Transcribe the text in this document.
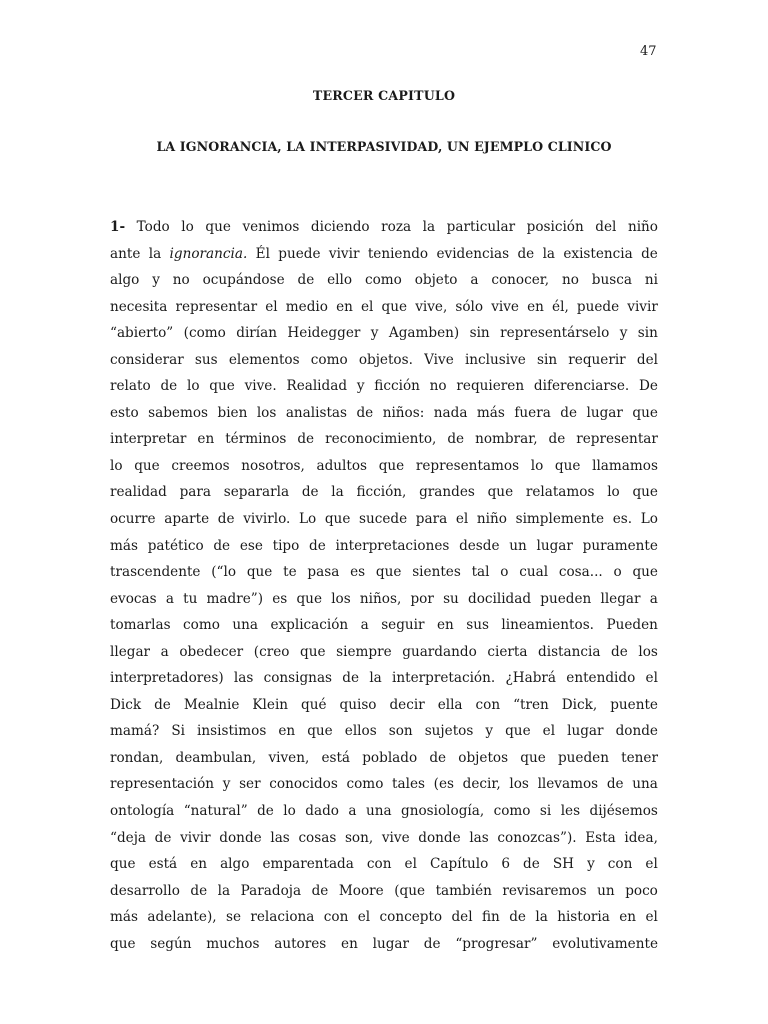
47
TERCER CAPITULO
LA IGNORANCIA, LA INTERPASIVIDAD, UN EJEMPLO CLINICO
1- Todo lo que venimos diciendo roza la particular posición del niño
ante la ignorancia. Él puede vivir teniendo evidencias de la existencia de
algo y no ocupándose de ello como objeto a conocer, no busca ni
necesita representar el medio en el que vive, sólo vive en él, puede vivir
“abierto” (como dirían Heidegger y Agamben) sin representárselo y sin
considerar sus elementos como objetos. Vive inclusive sin requerir del
relato de lo que vive. Realidad y ficción no requieren diferenciarse. De
esto sabemos bien los analistas de niños: nada más fuera de lugar que
interpretar en términos de reconocimiento, de nombrar, de representar
lo que creemos nosotros, adultos que representamos lo que llamamos
realidad para separarla de la ficción, grandes que relatamos lo que
ocurre aparte de vivirlo. Lo que sucede para el niño simplemente es. Lo
más patético de ese tipo de interpretaciones desde un lugar puramente
trascendente (“lo que te pasa es que sientes tal o cual cosa... o que
evocas a tu madre”) es que los niños, por su docilidad pueden llegar a
tomarlas como una explicación a seguir en sus lineamientos. Pueden
llegar a obedecer (creo que siempre guardando cierta distancia de los
interpretadores) las consignas de la interpretación. ¿Habrá entendido el
Dick de Mealnie Klein qué quiso decir ella con “tren Dick, puente
mamá? Si insistimos en que ellos son sujetos y que el lugar donde
rondan, deambulan, viven, está poblado de objetos que pueden tener
representación y ser conocidos como tales (es decir, los llevamos de una
ontología “natural” de lo dado a una gnosiología, como si les dijésemos
“deja de vivir donde las cosas son, vive donde las conozcas”). Esta idea,
que está en algo emparentada con el Capítulo 6 de SH y con el
desarrollo de la Paradoja de Moore (que también revisaremos un poco
más adelante), se relaciona con el concepto del fin de la historia en el
que según muchos autores en lugar de “progresar” evolutivamente
